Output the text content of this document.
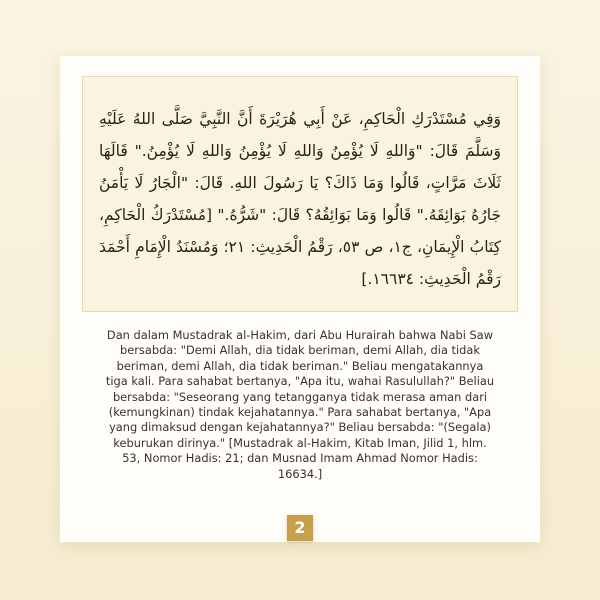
وَفِي مُسْتَدْرَكِ الْحَاكِمِ، عَنْ أَبِي هُرَيْرَةَ أَنَّ النَّبِيَّ صَلَّى اللهُ عَلَيْهِ وَسَلَّمَ قَالَ: "وَاللهِ لَا يُؤْمِنُ وَاللهِ لَا يُؤْمِنُ وَاللهِ لَا يُؤْمِنُ." قَالَهَا ثَلَاثَ مَرَّاتٍ، قَالُوا وَمَا ذَاكَ؟ يَا رَسُولَ اللهِ. قَالَ: "الْجَارُ لَا يَأْمَنُ جَارُهُ بَوَائِقَهُ." قَالُوا وَمَا بَوَائِقُهُ؟ قَالَ: "شَرُّهُ." [مُسْتَدْرَكُ الْحَاكِمِ، كِتَابُ الْإِيمَانِ، ج١، ص ٥٣، رَقْمُ الْحَدِيثِ: ٢١؛ وَمُسْنَدُ الْإِمَامِ أَحْمَدَ رَقْمُ الْحَدِيثِ: ١٦٦٣٤.]

Dan dalam Mustadrak al-Hakim, dari Abu Hurairah bahwa Nabi Saw bersabda: "Demi Allah, dia tidak beriman, demi Allah, dia tidak beriman, demi Allah, dia tidak beriman." Beliau mengatakannya tiga kali. Para sahabat bertanya, "Apa itu, wahai Rasulullah?" Beliau bersabda: "Seseorang yang tetangganya tidak merasa aman dari (kemungkinan) tindak kejahatannya." Para sahabat bertanya, "Apa yang dimaksud dengan kejahatannya?" Beliau bersabda: "(Segala) keburukan dirinya." [Mustadrak al-Hakim, Kitab Iman, Jilid 1, hlm. 53, Nomor Hadis: 21; dan Musnad Imam Ahmad Nomor Hadis: 16634.]

2
